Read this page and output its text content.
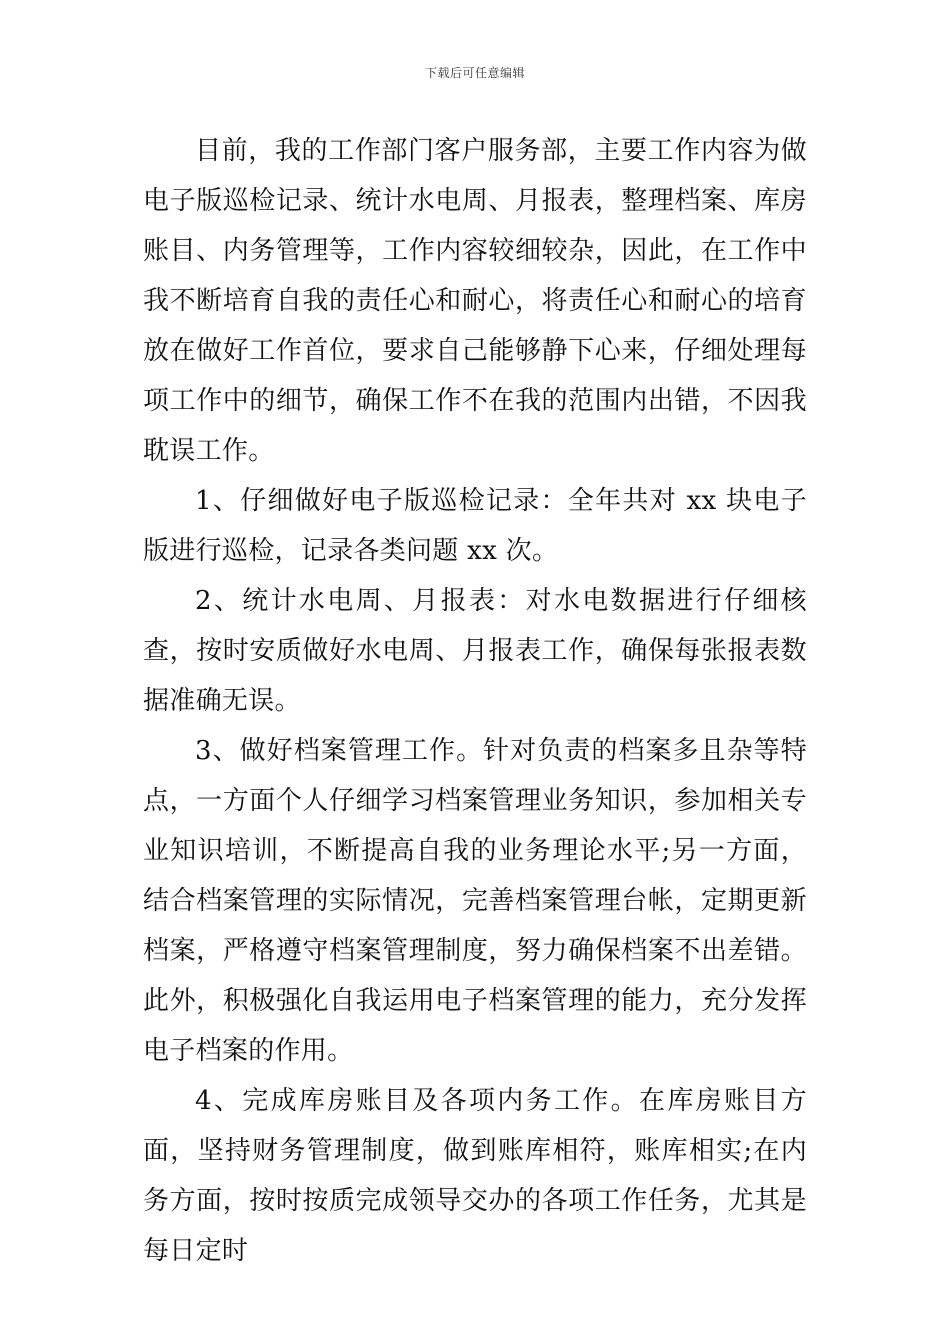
下载后可任意编辑

目前，我的工作部门客户服务部，主要工作内容为做电子版巡检记录、统计水电周、月报表，整理档案、库房账目、内务管理等，工作内容较细较杂，因此，在工作中我不断培育自我的责任心和耐心，将责任心和耐心的培育放在做好工作首位，要求自己能够静下心来，仔细处理每项工作中的细节，确保工作不在我的范围内出错，不因我耽误工作。

1、仔细做好电子版巡检记录：全年共对 xx 块电子版进行巡检，记录各类问题 xx 次。

2、统计水电周、月报表：对水电数据进行仔细核查，按时安质做好水电周、月报表工作，确保每张报表数据准确无误。

3、做好档案管理工作。针对负责的档案多且杂等特点，一方面个人仔细学习档案管理业务知识，参加相关专业知识培训，不断提高自我的业务理论水平;另一方面，结合档案管理的实际情况，完善档案管理台帐，定期更新档案，严格遵守档案管理制度，努力确保档案不出差错。此外，积极强化自我运用电子档案管理的能力，充分发挥电子档案的作用。

4、完成库房账目及各项内务工作。在库房账目方面，坚持财务管理制度，做到账库相符，账库相实;在内务方面，按时按质完成领导交办的各项工作任务，尤其是每日定时
